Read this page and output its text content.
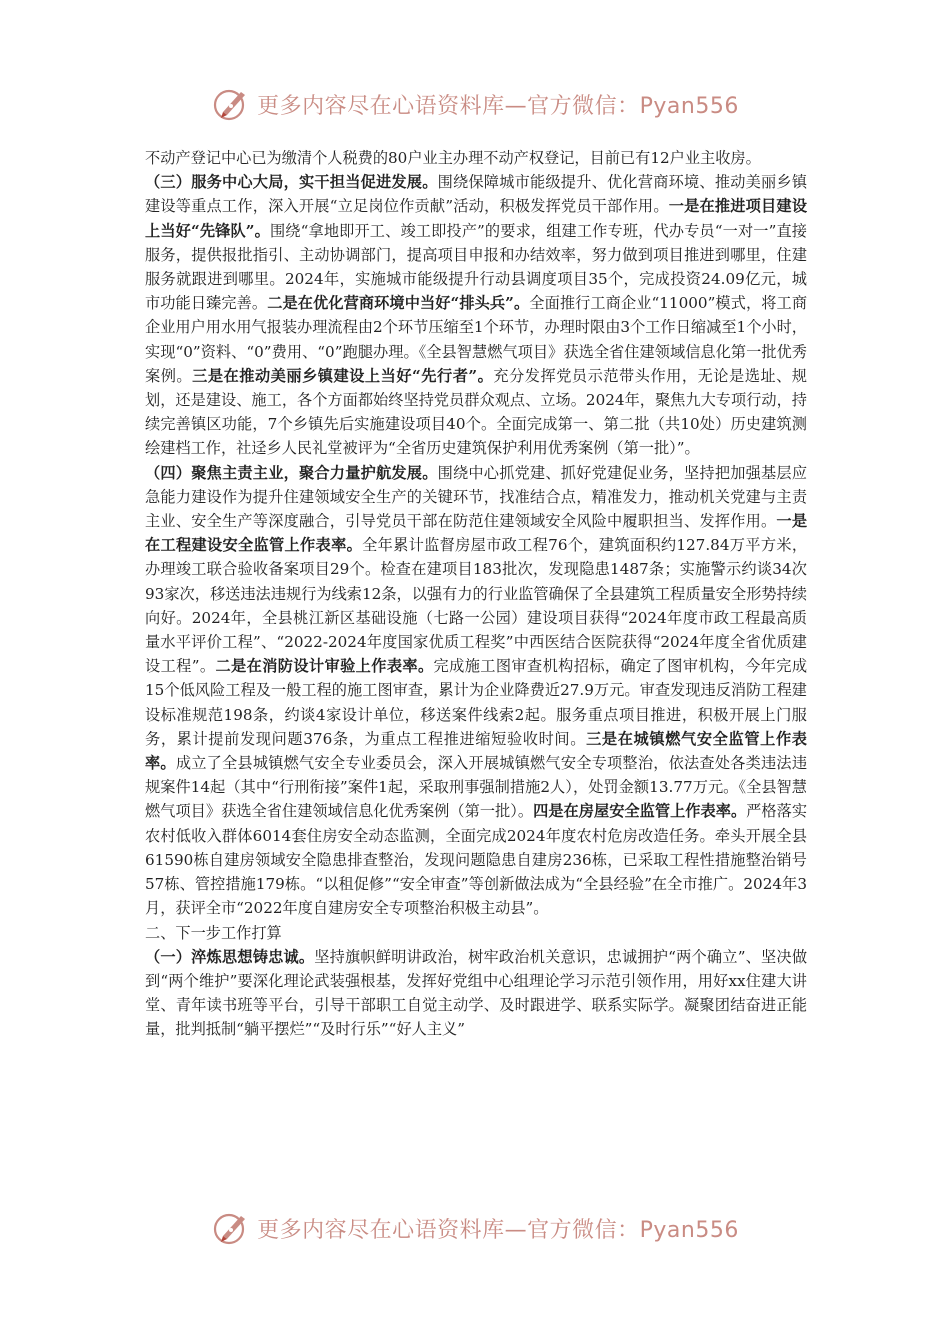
更多内容尽在心语资料库—官方微信：Pyan556

不动产登记中心已为缴清个人税费的80户业主办理不动产权登记，目前已有12户业主收房。

（三）服务中心大局，实干担当促进发展。围绕保障城市能级提升、优化营商环境、推动美丽乡镇建设等重点工作，深入开展“立足岗位作贡献”活动，积极发挥党员干部作用。一是在推进项目建设上当好“先锋队”。围绕“拿地即开工、竣工即投产”的要求，组建工作专班，代办专员“一对一”直接服务，提供报批指引、主动协调部门，提高项目申报和办结效率，努力做到项目推进到哪里，住建服务就跟进到哪里。2024年，实施城市能级提升行动县调度项目35个，完成投资24.09亿元，城市功能日臻完善。二是在优化营商环境中当好“排头兵”。全面推行工商企业“11000”模式，将工商企业用户用水用气报装办理流程由2个环节压缩至1个环节，办理时限由3个工作日缩减至1个小时，实现“0”资料、“0”费用、“0”跑腿办理。《全县智慧燃气项目》获选全省住建领域信息化第一批优秀案例。三是在推动美丽乡镇建设上当好“先行者”。充分发挥党员示范带头作用，无论是选址、规划，还是建设、施工，各个方面都始终坚持党员群众观点、立场。2024年，聚焦九大专项行动，持续完善镇区功能，7个乡镇先后实施建设项目40个。全面完成第一、第二批（共10处）历史建筑测绘建档工作，社迳乡人民礼堂被评为“全省历史建筑保护利用优秀案例（第一批）”。

（四）聚焦主责主业，聚合力量护航发展。围绕中心抓党建、抓好党建促业务，坚持把加强基层应急能力建设作为提升住建领域安全生产的关键环节，找准结合点，精准发力，推动机关党建与主责主业、安全生产等深度融合，引导党员干部在防范住建领域安全风险中履职担当、发挥作用。一是在工程建设安全监管上作表率。全年累计监督房屋市政工程76个，建筑面积约127.84万平方米，办理竣工联合验收备案项目29个。检查在建项目183批次，发现隐患1487条；实施警示约谈34次93家次，移送违法违规行为线索12条，以强有力的行业监管确保了全县建筑工程质量安全形势持续向好。2024年，全县桃江新区基础设施（七路一公园）建设项目获得“2024年度市政工程最高质量水平评价工程”、“2022-2024年度国家优质工程奖”中西医结合医院获得“2024年度全省优质建设工程”。二是在消防设计审验上作表率。完成施工图审查机构招标，确定了图审机构，今年完成15个低风险工程及一般工程的施工图审查，累计为企业降费近27.9万元。审查发现违反消防工程建设标准规范198条，约谈4家设计单位，移送案件线索2起。服务重点项目推进，积极开展上门服务，累计提前发现问题376条，为重点工程推进缩短验收时间。三是在城镇燃气安全监管上作表率。成立了全县城镇燃气安全专业委员会，深入开展城镇燃气安全专项整治，依法查处各类违法违规案件14起（其中“行刑衔接”案件1起，采取刑事强制措施2人），处罚金额13.77万元。《全县智慧燃气项目》获选全省住建领域信息化优秀案例（第一批）。四是在房屋安全监管上作表率。严格落实农村低收入群体6014套住房安全动态监测，全面完成2024年度农村危房改造任务。牵头开展全县61590栋自建房领域安全隐患排查整治，发现问题隐患自建房236栋，已采取工程性措施整治销号57栋、管控措施179栋。“以租促修”“安全审查”等创新做法成为“全县经验”在全市推广。2024年3月，获评全市“2022年度自建房安全专项整治积极主动县”。

二、下一步工作打算

（一）淬炼思想铸忠诚。坚持旗帜鲜明讲政治，树牢政治机关意识，忠诚拥护“两个确立”、坚决做到“两个维护”要深化理论武装强根基，发挥好党组中心组理论学习示范引领作用，用好xx住建大讲堂、青年读书班等平台，引导干部职工自觉主动学、及时跟进学、联系实际学。凝聚团结奋进正能量，批判抵制“躺平摆烂”“及时行乐”“好人主义”

更多内容尽在心语资料库—官方微信：Pyan556
